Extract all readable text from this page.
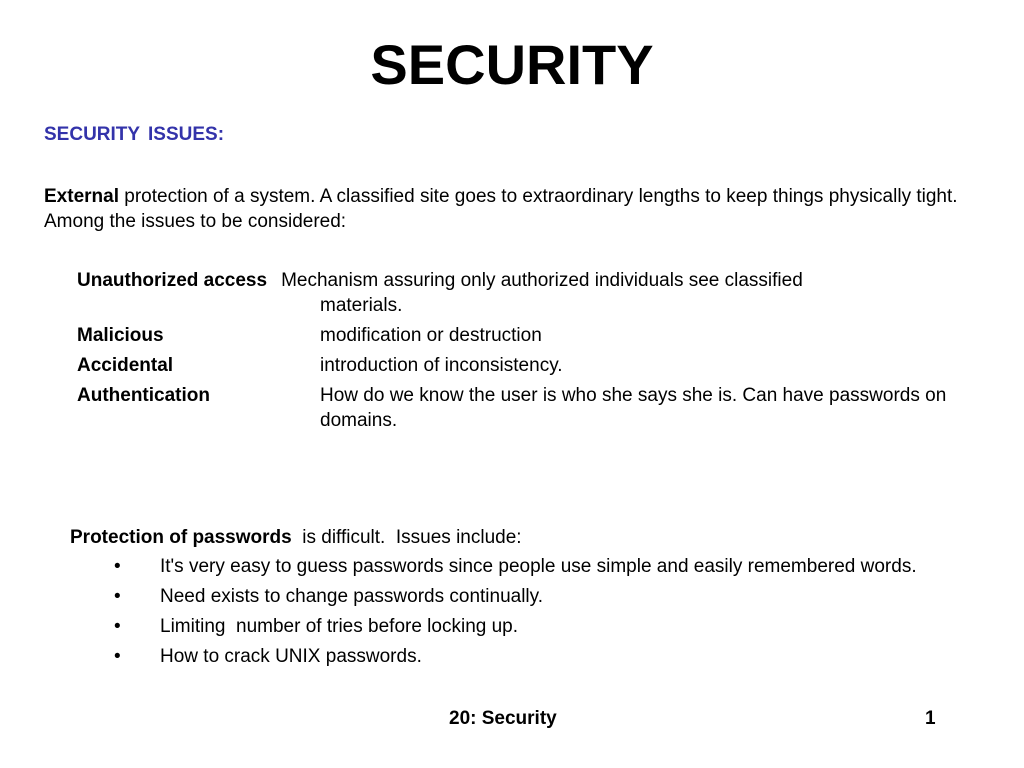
SECURITY
SECURITY ISSUES:

External protection of a system. A classified site goes to extraordinary lengths to keep things physically tight. Among the issues to be considered:

Unauthorized access Mechanism assuring only authorized individuals see classified
materials.
Malicious	modification or destruction
Accidental	introduction of inconsistency.
Authentication	How do we know the user is who she says she is. Can have passwords on domains.
Protection of passwords  is difficult.  Issues include:
• It's very easy to guess passwords since people use simple and easily remembered words.
• Need exists to change passwords continually.
• Limiting  number of tries before locking up.
• How to crack UNIX passwords.
20: Security	1
